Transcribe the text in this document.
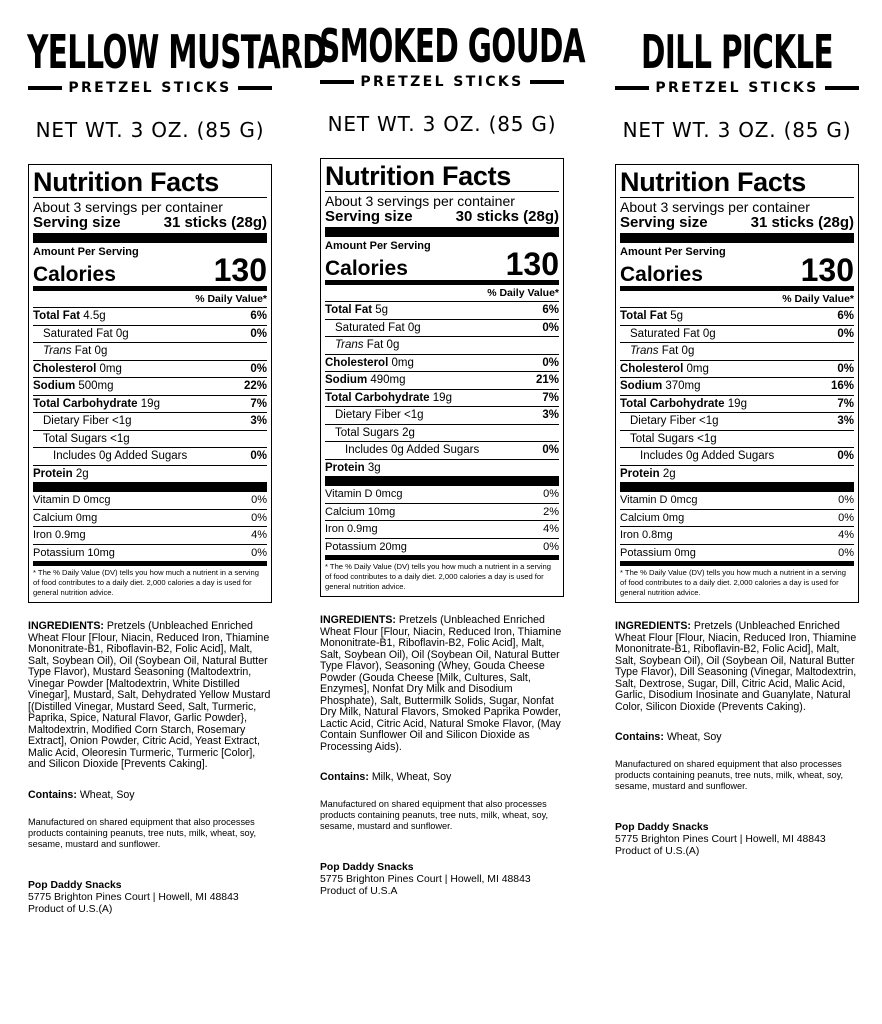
YELLOW MUSTARD
PRETZEL STICKS
NET WT. 3 OZ. (85 G)
Nutrition Facts
About 3 servings per container
Serving size	31 sticks (28g)
Amount Per Serving
Calories	130
% Daily Value*
Total Fat 4.5g	6%
Saturated Fat 0g	0%
Trans Fat 0g
Cholesterol 0mg	0%
Sodium 500mg	22%
Total Carbohydrate 19g	7%
Dietary Fiber <1g	3%
Total Sugars <1g
Includes 0g Added Sugars	0%
Protein 2g
Vitamin D 0mcg	0%
Calcium 0mg	0%
Iron 0.9mg	4%
Potassium 10mg	0%
* The % Daily Value (DV) tells you how much a nutrient in a serving of food contributes to a daily diet. 2,000 calories a day is used for general nutrition advice.
INGREDIENTS: Pretzels (Unbleached Enriched Wheat Flour [Flour, Niacin, Reduced Iron, Thiamine Mononitrate-B1, Riboflavin-B2, Folic Acid], Malt, Salt, Soybean Oil), Oil (Soybean Oil, Natural Butter Type Flavor), Mustard Seasoning (Maltodextrin, Vinegar Powder [Maltodextrin, White Distilled Vinegar], Mustard, Salt, Dehydrated Yellow Mustard [(Distilled Vinegar, Mustard Seed, Salt, Turmeric, Paprika, Spice, Natural Flavor, Garlic Powder}, Maltodextrin, Modified Corn Starch, Rosemary Extract], Onion Powder, Citric Acid, Yeast Extract, Malic Acid, Oleoresin Turmeric, Turmeric [Color], and Silicon Dioxide [Prevents Caking].
Contains: Wheat, Soy
Manufactured on shared equipment that also processes products containing peanuts, tree nuts, milk, wheat, soy, sesame, mustard and sunflower.
Pop Daddy Snacks
5775 Brighton Pines Court | Howell, MI 48843
Product of U.S.(A)
SMOKED GOUDA
PRETZEL STICKS
NET WT. 3 OZ. (85 G)
Nutrition Facts
About 3 servings per container
Serving size	30 sticks (28g)
Amount Per Serving
Calories	130
% Daily Value*
Total Fat 5g	6%
Saturated Fat 0g	0%
Trans Fat 0g
Cholesterol 0mg	0%
Sodium 490mg	21%
Total Carbohydrate 19g	7%
Dietary Fiber <1g	3%
Total Sugars 2g
Includes 0g Added Sugars	0%
Protein 3g
Vitamin D 0mcg	0%
Calcium 10mg	2%
Iron 0.9mg	4%
Potassium 20mg	0%
* The % Daily Value (DV) tells you how much a nutrient in a serving of food contributes to a daily diet. 2,000 calories a day is used for general nutrition advice.
INGREDIENTS: Pretzels (Unbleached Enriched Wheat Flour [Flour, Niacin, Reduced Iron, Thiamine Mononitrate-B1, Riboflavin-B2, Folic Acid], Malt, Salt, Soybean Oil), Oil (Soybean Oil, Natural Butter Type Flavor), Seasoning (Whey, Gouda Cheese Powder (Gouda Cheese [Milk, Cultures, Salt, Enzymes], Nonfat Dry Milk and Disodium Phosphate), Salt, Buttermilk Solids, Sugar, Nonfat Dry Milk, Natural Flavors, Smoked Paprika Powder, Lactic Acid, Citric Acid, Natural Smoke Flavor, (May Contain Sunflower Oil and Silicon Dioxide as Processing Aids).
Contains: Milk, Wheat, Soy
Manufactured on shared equipment that also processes products containing peanuts, tree nuts, milk, wheat, soy, sesame, mustard and sunflower.
Pop Daddy Snacks
5775 Brighton Pines Court | Howell, MI 48843
Product of U.S.A
DILL PICKLE
PRETZEL STICKS
NET WT. 3 OZ. (85 G)
Nutrition Facts
About 3 servings per container
Serving size	31 sticks (28g)
Amount Per Serving
Calories	130
% Daily Value*
Total Fat 5g	6%
Saturated Fat 0g	0%
Trans Fat 0g
Cholesterol 0mg	0%
Sodium 370mg	16%
Total Carbohydrate 19g	7%
Dietary Fiber <1g	3%
Total Sugars <1g
Includes 0g Added Sugars	0%
Protein 2g
Vitamin D 0mcg	0%
Calcium 0mg	0%
Iron 0.8mg	4%
Potassium 0mg	0%
* The % Daily Value (DV) tells you how much a nutrient in a serving of food contributes to a daily diet. 2,000 calories a day is used for general nutrition advice.
INGREDIENTS: Pretzels (Unbleached Enriched Wheat Flour [Flour, Niacin, Reduced Iron, Thiamine Mononitrate-B1, Riboflavin-B2, Folic Acid], Malt, Salt, Soybean Oil), Oil (Soybean Oil, Natural Butter Type Flavor), Dill Seasoning (Vinegar, Maltodextrin, Salt, Dextrose, Sugar, Dill, Citric Acid, Malic Acid, Garlic, Disodium Inosinate and Guanylate, Natural Color, Silicon Dioxide (Prevents Caking).
Contains: Wheat, Soy
Manufactured on shared equipment that also processes products containing peanuts, tree nuts, milk, wheat, soy, sesame, mustard and sunflower.
Pop Daddy Snacks
5775 Brighton Pines Court | Howell, MI 48843
Product of U.S.(A)
